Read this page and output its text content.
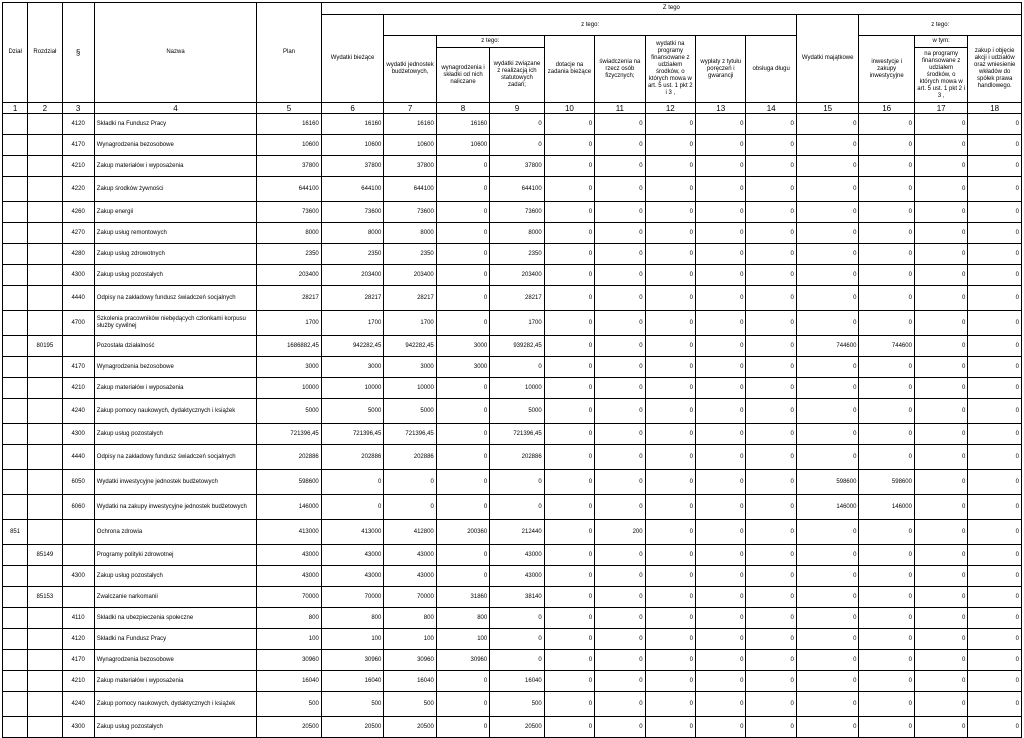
Dział	Rozdział	§	Nazwa	Plan	Z tego												
					Wydatki bieżące	z tego:								Wydatki majątkowe	z tego:		
						wydatki jednostek budżetowych,	z tego:		dotacje na zadania bieżące	świadczenia na rzecz osób fizycznych;	wydatki na programy finansowane z udziałem środków, o których mowa w art. 5 ust. 1 pkt 2 i 3 ,	wypłaty z tytułu poręczeń i gwarancji	obsługa długu		inwestycje i zakupy inwestycyjne	w tym:	zakup i objęcie akcji i udziałów oraz wniesienie wkładów do spółek prawa handlowego.
							wynagrodzenia i składki od nich naliczane	wydatki związane z realizacją ich statutowych zadań;								na programy finansowane z udziałem środków, o których mowa w art. 5 ust. 1 pkt 2 i 3 ,	
1	2	3	4	5	6	7	8	9	10	11	12	13	14	15	16	17	18
		4120	Składki na Fundusz Pracy	16160	16160	16160	16160	0	0	0	0	0	0	0	0	0	0
		4170	Wynagrodzenia bezosobowe	10600	10600	10600	10600	0	0	0	0	0	0	0	0	0	0
		4210	Zakup materiałów i wyposażenia	37800	37800	37800	0	37800	0	0	0	0	0	0	0	0	0
		4220	Zakup środków żywności	644100	644100	644100	0	644100	0	0	0	0	0	0	0	0	0
		4260	Zakup energii	73600	73600	73600	0	73600	0	0	0	0	0	0	0	0	0
		4270	Zakup usług remontowych	8000	8000	8000	0	8000	0	0	0	0	0	0	0	0	0
		4280	Zakup usług zdrowotnych	2350	2350	2350	0	2350	0	0	0	0	0	0	0	0	0
		4300	Zakup usług pozostałych	203400	203400	203400	0	203400	0	0	0	0	0	0	0	0	0
		4440	Odpisy na zakładowy fundusz świadczeń socjalnych	28217	28217	28217	0	28217	0	0	0	0	0	0	0	0	0
		4700	Szkolenia pracowników niebędących członkami korpusu służby cywilnej	1700	1700	1700	0	1700	0	0	0	0	0	0	0	0	0
	80195		Pozostała działalność	1686882,45	942282,45	942282,45	3000	939282,45	0	0	0	0	0	744600	744600	0	0
		4170	Wynagrodzenia bezosobowe	3000	3000	3000	3000	0	0	0	0	0	0	0	0	0	0
		4210	Zakup materiałów i wyposażenia	10000	10000	10000	0	10000	0	0	0	0	0	0	0	0	0
		4240	Zakup pomocy naukowych, dydaktycznych i książek	5000	5000	5000	0	5000	0	0	0	0	0	0	0	0	0
		4300	Zakup usług pozostałych	721396,45	721396,45	721396,45	0	721396,45	0	0	0	0	0	0	0	0	0
		4440	Odpisy na zakładowy fundusz świadczeń socjalnych	202886	202886	202886	0	202886	0	0	0	0	0	0	0	0	0
		6050	Wydatki inwestycyjne jednostek budżetowych	598600	0	0	0	0	0	0	0	0	0	598600	598600	0	0
		6060	Wydatki na zakupy inwestycyjne jednostek budżetowych	146000	0	0	0	0	0	0	0	0	0	146000	146000	0	0
851			Ochrona zdrowia	413000	413000	412800	200360	212440	0	200	0	0	0	0	0	0	0
	85149		Programy polityki zdrowotnej	43000	43000	43000	0	43000	0	0	0	0	0	0	0	0	0
		4300	Zakup usług pozostałych	43000	43000	43000	0	43000	0	0	0	0	0	0	0	0	0
	85153		Zwalczanie narkomanii	70000	70000	70000	31860	38140	0	0	0	0	0	0	0	0	0
		4110	Składki na ubezpieczenia społeczne	800	800	800	800	0	0	0	0	0	0	0	0	0	0
		4120	Składki na Fundusz Pracy	100	100	100	100	0	0	0	0	0	0	0	0	0	0
		4170	Wynagrodzenia bezosobowe	30960	30960	30960	30960	0	0	0	0	0	0	0	0	0	0
		4210	Zakup materiałów i wyposażenia	16040	16040	16040	0	16040	0	0	0	0	0	0	0	0	0
		4240	Zakup pomocy naukowych, dydaktycznych i książek	500	500	500	0	500	0	0	0	0	0	0	0	0	0
		4300	Zakup usług pozostałych	20500	20500	20500	0	20500	0	0	0	0	0	0	0	0	0
